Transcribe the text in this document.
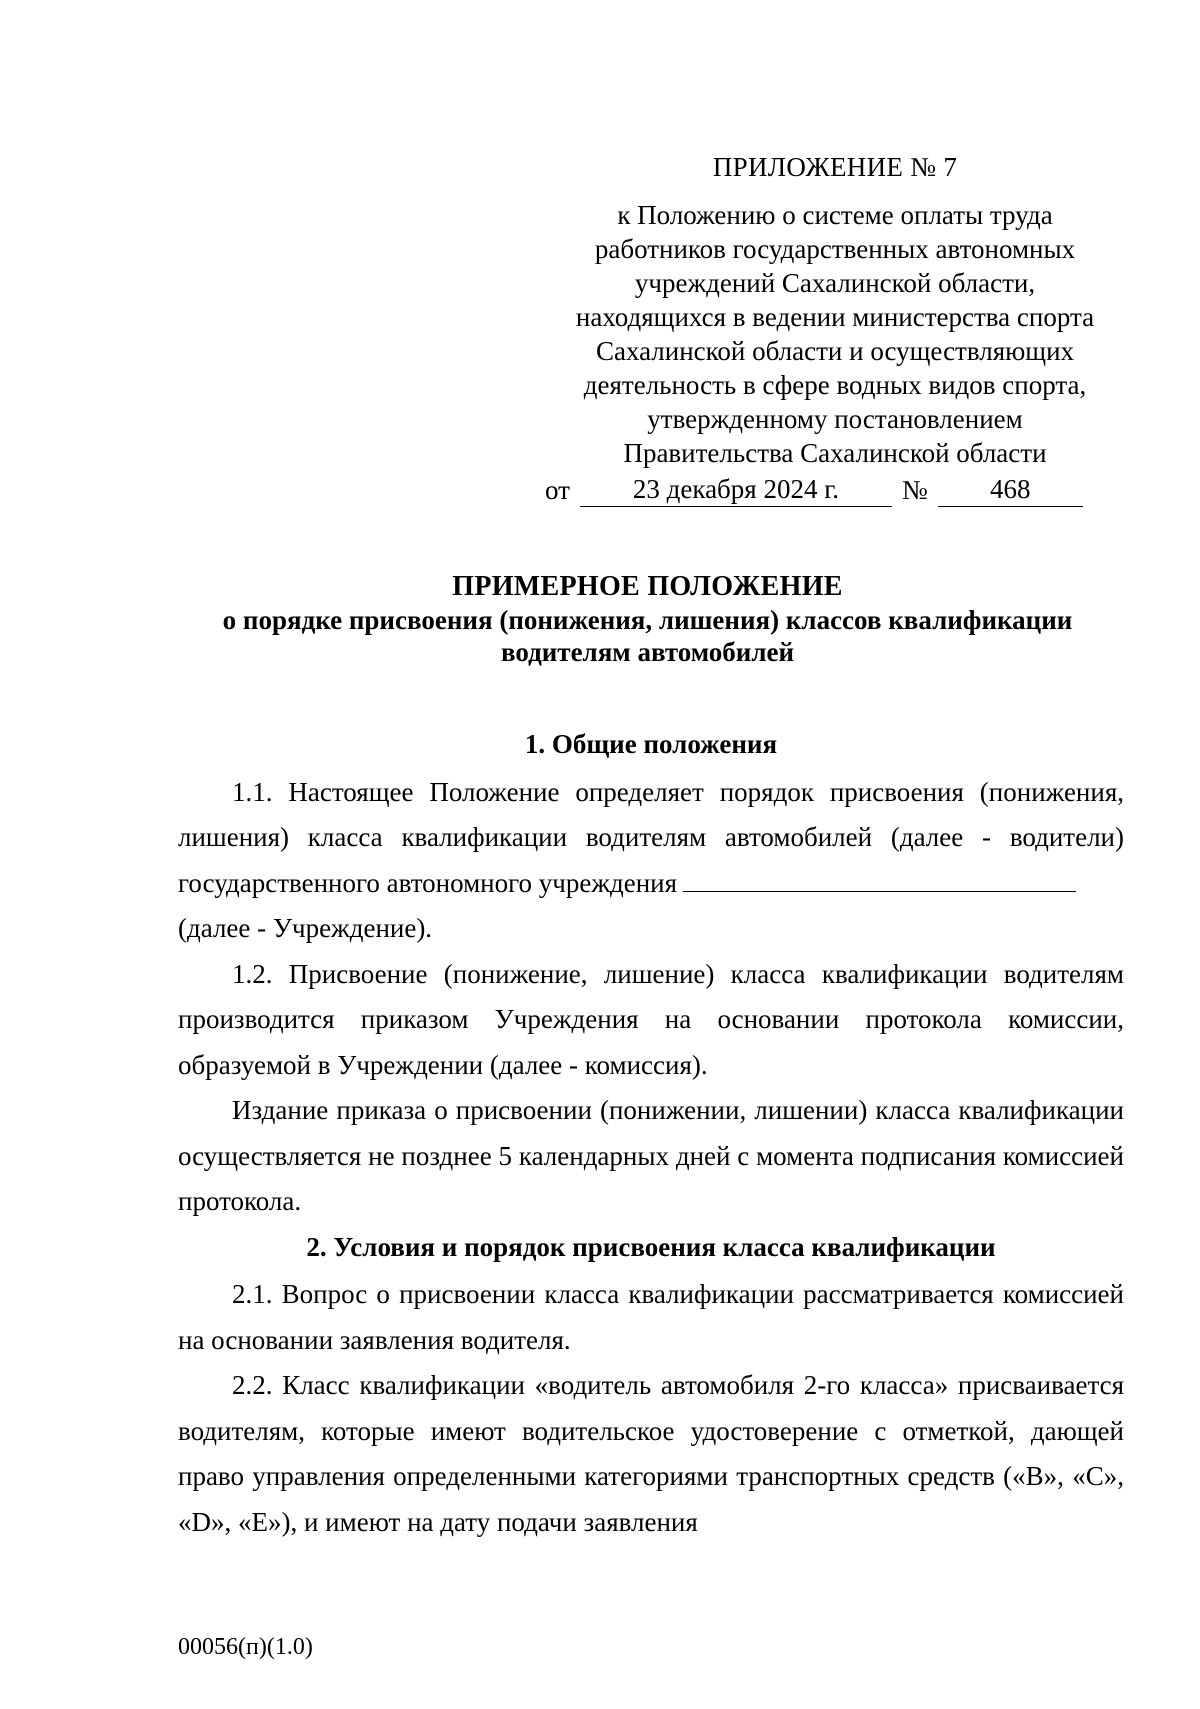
ПРИЛОЖЕНИЕ № 7
к Положению о системе оплаты труда
работников государственных автономных
учреждений Сахалинской области,
находящихся в ведении министерства спорта
Сахалинской области и осуществляющих
деятельность в сфере водных видов спорта,
утвержденному постановлением
Правительства Сахалинской области
от	23 декабря 2024 г.	№	468
ПРИМЕРНОЕ ПОЛОЖЕНИЕ
о порядке присвоения (понижения, лишения) классов квалификации
водителям автомобилей
1. Общие положения

1.1. Настоящее Положение определяет порядок присвоения (понижения, лишения) класса квалификации водителям автомобилей (далее - водители) государственного автономного учреждения

(далее - Учреждение).

1.2. Присвоение (понижение, лишение) класса квалификации водителям производится приказом Учреждения на основании протокола комиссии, образуемой в Учреждении (далее - комиссия).

Издание приказа о присвоении (понижении, лишении) класса квалификации осуществляется не позднее 5 календарных дней с момента подписания комиссией протокола.

2. Условия и порядок присвоения класса квалификации

2.1. Вопрос о присвоении класса квалификации рассматривается комиссией на основании заявления водителя.

2.2. Класс квалификации «водитель автомобиля 2-го класса» присваивается водителям, которые имеют водительское удостоверение с отметкой, дающей право управления определенными категориями транспортных средств («B», «C», «D», «E»), и имеют на дату подачи заявления

00056(п)(1.0)
